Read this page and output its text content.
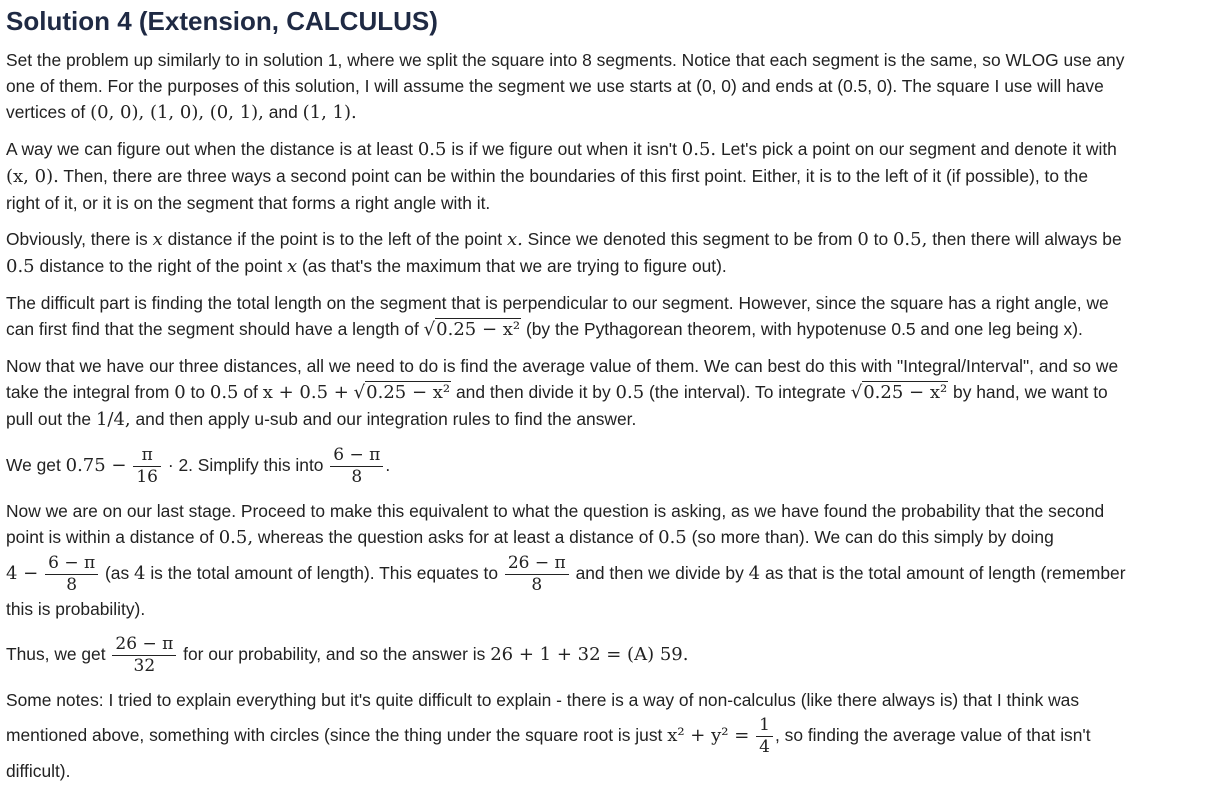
Solution 4 (Extension, CALCULUS)

Set the problem up similarly to in solution 1, where we split the square into 8 segments. Notice that each segment is the same, so WLOG use any
one of them. For the purposes of this solution, I will assume the segment we use starts at (0, 0) and ends at (0.5, 0). The square I use will have
vertices of (0, 0), (1, 0), (0, 1), and (1, 1).

A way we can figure out when the distance is at least 0.5 is if we figure out when it isn't 0.5. Let's pick a point on our segment and denote it with
(x, 0). Then, there are three ways a second point can be within the boundaries of this first point. Either, it is to the left of it (if possible), to the
right of it, or it is on the segment that forms a right angle with it.

Obviously, there is x distance if the point is to the left of the point x. Since we denoted this segment to be from 0 to 0.5, then there will always be
0.5 distance to the right of the point x (as that's the maximum that we are trying to figure out).

The difficult part is finding the total length on the segment that is perpendicular to our segment. However, since the square has a right angle, we
can first find that the segment should have a length of √0.25 − x² (by the Pythagorean theorem, with hypotenuse 0.5 and one leg being x).

Now that we have our three distances, all we need to do is find the average value of them. We can best do this with "Integral/Interval", and so we
take the integral from 0 to 0.5 of x + 0.5 + √0.25 − x² and then divide it by 0.5 (the interval). To integrate √0.25 − x² by hand, we want to
pull out the 1/4, and then apply u-sub and our integration rules to find the answer.

We get $0.75 - \frac{\pi}{16} \cdot 2$. Simplify this into $\frac{6 - \pi}{8}$ .

Now we are on our last stage. Proceed to make this equivalent to what the question is asking, as we have found the probability that the second
point is within a distance of 0.5, whereas the question asks for at least a distance of 0.5 (so more than). We can do this simply by doing
$4 - \frac{6 - \pi}{8} (as$ 4 is the total amount of length). This equates to $\frac{26 - \pi}{8}$ and then we divide by 4 as that is the total amount of length (remember
this is probability).

Thus, we get $\frac{26 - \pi}{32}$ for our probability, and so the answer is 26 + 1 + 32 = (A) 59.

Some notes: I tried to explain everything but it's quite difficult to explain - there is a way of non-calculus (like there always is) that I think was
mentioned above, something with circles (since the thing under the square root is just $x^2 + y^2 = \frac{1}{4}$ , so finding the average value of that isn't
difficult).
